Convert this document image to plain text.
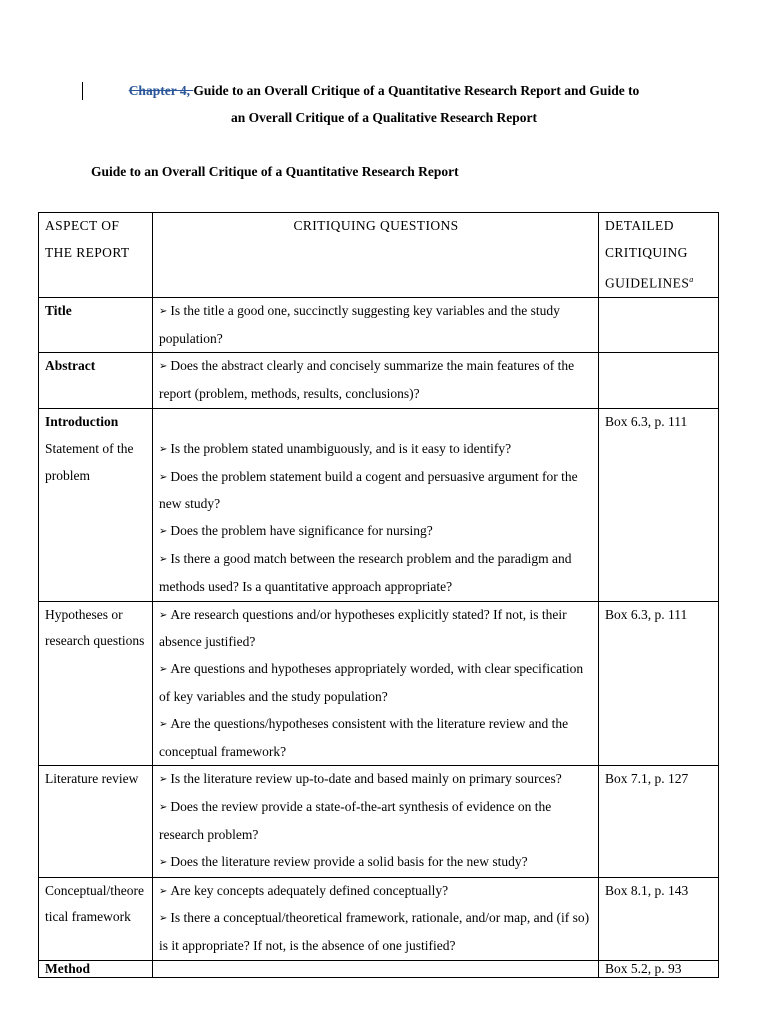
Chapter 4, Guide to an Overall Critique of a Quantitative Research Report and Guide to
an Overall Critique of a Qualitative Research Report
Guide to an Overall Critique of a Quantitative Research Report
ASPECT OF
THE REPORT	CRITIQUING QUESTIONS	DETAILED
CRITIQUING
GUIDELINES$^a$

Title	➢ Is the title a good one, succinctly suggesting key variables and the study population?	

Abstract	➢ Does the abstract clearly and concisely summarize the main features of the report (problem, methods, results, conclusions)?	

Introduction
Statement of the problem	➢ Is the problem stated unambiguously, and is it easy to identify?
➢ Does the problem statement build a cogent and persuasive argument for the new study?
➢ Does the problem have significance for nursing?
➢ Is there a good match between the research problem and the paradigm and methods used? Is a quantitative approach appropriate?	Box 6.3, p. 111
Hypotheses or research questions	➢ Are research questions and/or hypotheses explicitly stated? If not, is their absence justified?
➢ Are questions and hypotheses appropriately worded, with clear specification of key variables and the study population?
➢ Are the questions/hypotheses consistent with the literature review and the conceptual framework?	Box 6.3, p. 111
Literature review	➢ Is the literature review up-to-date and based mainly on primary sources?
➢ Does the review provide a state-of-the-art synthesis of evidence on the research problem?
➢ Does the literature review provide a solid basis for the new study?	Box 7.1, p. 127
Conceptual/theoretical framework	➢ Are key concepts adequately defined conceptually?
➢ Is there a conceptual/theoretical framework, rationale, and/or map, and (if so) is it appropriate? If not, is the absence of one justified?	Box 8.1, p. 143
Method		Box 5.2, p. 93
